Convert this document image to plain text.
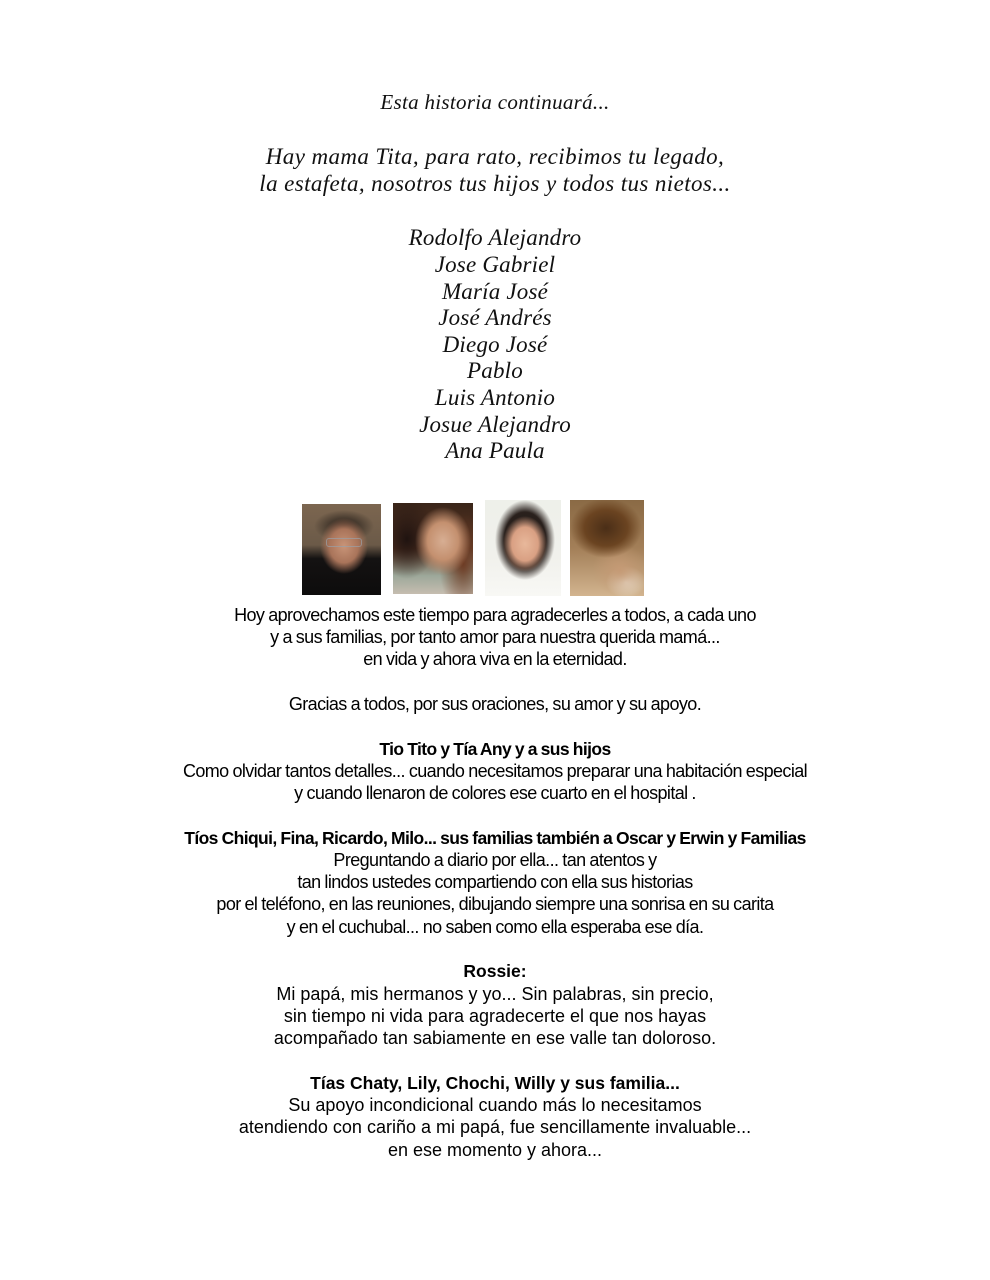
Esta historia continuará...
Hay mama Tita, para rato, recibimos tu legado,
la estafeta, nosotros tus hijos y todos tus nietos...
Rodolfo Alejandro
Jose Gabriel
María José
José Andrés
Diego José
Pablo
Luis Antonio
Josue Alejandro
Ana Paula
Hoy aprovechamos este tiempo para agradecerles a todos, a cada uno
y a sus familias, por tanto amor para nuestra querida mamá...
en vida y ahora viva en la eternidad.
Gracias a todos, por sus oraciones, su amor y su apoyo.
Tio Tito y Tía Any y a sus hijos
Como olvidar tantos detalles... cuando necesitamos preparar una habitación especial
y cuando llenaron de colores ese cuarto en el hospital .
Tíos Chiqui, Fina, Ricardo, Milo... sus familias también a Oscar y Erwin y Familias
Preguntando a diario por ella... tan atentos y
tan lindos ustedes compartiendo con ella sus historias
por el teléfono, en las reuniones, dibujando siempre una sonrisa en su carita
y en el cuchubal... no saben como ella esperaba ese día.
Rossie:
Mi papá, mis hermanos y yo... Sin palabras, sin precio,
sin tiempo ni vida para agradecerte el que nos hayas
acompañado tan sabiamente en ese valle tan doloroso.
Tías Chaty, Lily, Chochi, Willy y sus familia...
Su apoyo incondicional cuando más lo necesitamos
atendiendo con cariño a mi papá, fue sencillamente invaluable...
en ese momento y ahora...
